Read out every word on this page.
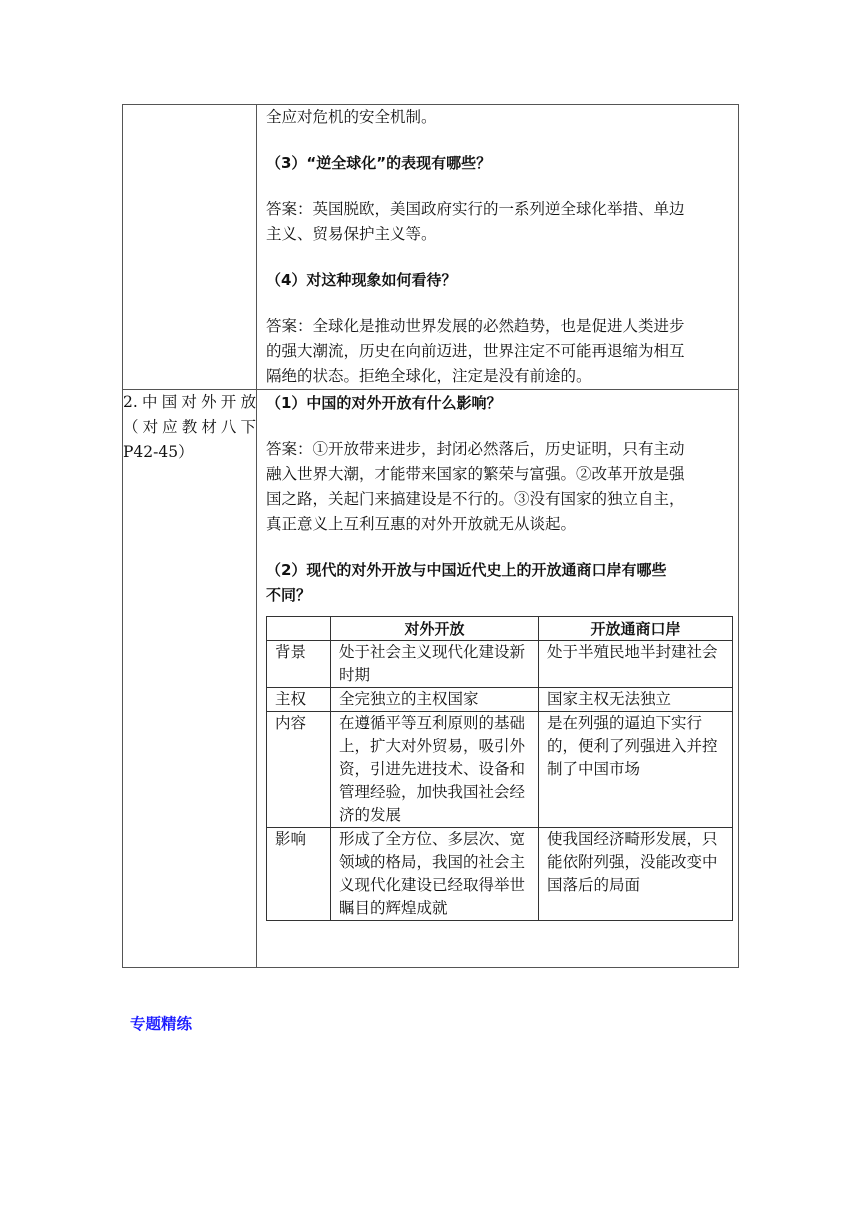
全应对危机的安全机制。

（3）“逆全球化”的表现有哪些？

答案：英国脱欧，美国政府实行的一系列逆全球化举措、单边

主义、贸易保护主义等。

（4）对这种现象如何看待？

答案：全球化是推动世界发展的必然趋势，也是促进人类进步

的强大潮流，历史在向前迈进，世界注定不可能再退缩为相互

隔绝的状态。拒绝全球化，注定是没有前途的。

2.中国对外开放（对应教材八下P42-45）	

（1）中国的对外开放有什么影响？

答案：①开放带来进步，封闭必然落后，历史证明，只有主动

融入世界大潮，才能带来国家的繁荣与富强。②改革开放是强

国之路，关起门来搞建设是不行的。③没有国家的独立自主，

真正意义上互利互惠的对外开放就无从谈起。

（2）现代的对外开放与中国近代史上的开放通商口岸有哪些

不同？

	对外开放	开放通商口岸
背景	处于社会主义现代化建设新时期	处于半殖民地半封建社会
主权	全完独立的主权国家	国家主权无法独立
内容	在遵循平等互利原则的基础上，扩大对外贸易，吸引外资，引进先进技术、设备和管理经验，加快我国社会经济的发展	是在列强的逼迫下实行的，便利了列强进入并控制了中国市场
影响	形成了全方位、多层次、宽领域的格局，我国的社会主义现代化建设已经取得举世瞩目的辉煌成就	使我国经济畸形发展，只能依附列强，没能改变中国落后的局面
专题精练
